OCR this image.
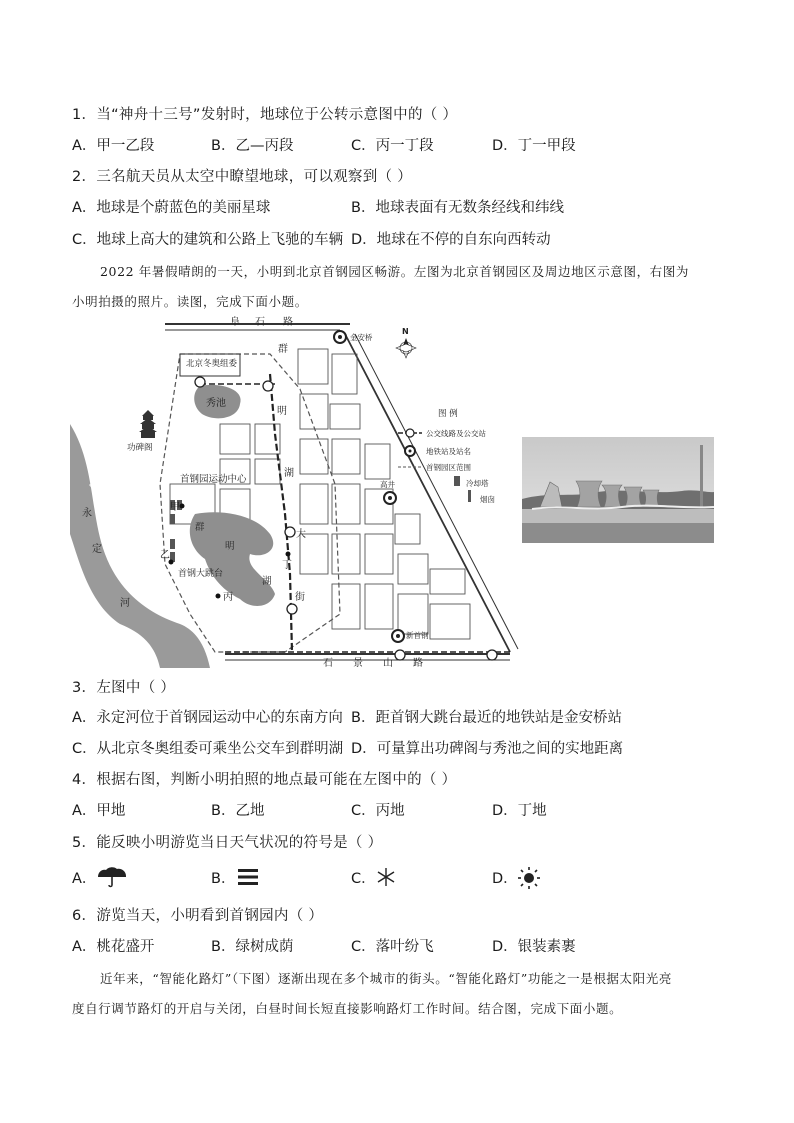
1．当“神舟十三号”发射时，地球位于公转示意图中的（ ）
A．甲一乙段	B．乙—丙段	C．丙一丁段	D．丁一甲段
2．三名航天员从太空中瞭望地球，可以观察到（ ）
A．地球是个蔚蓝色的美丽星球	B．地球表面有无数条经线和纬线
C．地球上高大的建筑和公路上飞驰的车辆 D．地球在不停的自东向西转动
2022 年暑假晴朗的一天，小明到北京首钢园区畅游。左图为北京首钢园区及周边地区示意图，右图为
小明拍摄的照片。读图，完成下面小题。
阜 石 路
群
明
湖
大
街
石 景 山 路
北京冬奥组委
秀池
功碑阁
首钢园运动中心
群
明
湖
首钢大跳台
金安桥
新首钢
高井
永
定
河
甲
乙
丙
丁
N
图 例
公交线路及公交站
地铁站及站名
首钢园区范围
冷却塔
烟囱
3．左图中（ ）
A．永定河位于首钢园运动中心的东南方向 B．距首钢大跳台最近的地铁站是金安桥站
C．从北京冬奥组委可乘坐公交车到群明湖 D．可量算出功碑阁与秀池之间的实地距离
4．根据右图，判断小明拍照的地点最可能在左图中的（ ）
A．甲地	B．乙地	C．丙地	D．丁地
5．能反映小明游览当日天气状况的符号是（ ）
A．	B．	C．	D．
6．游览当天，小明看到首钢园内（ ）
A．桃花盛开	B．绿树成荫	C．落叶纷飞	D．银装素裹
近年来，“智能化路灯”（下图）逐渐出现在多个城市的街头。“智能化路灯”功能之一是根据太阳光亮
度自行调节路灯的开启与关闭，白昼时间长短直接影响路灯工作时间。结合图，完成下面小题。
